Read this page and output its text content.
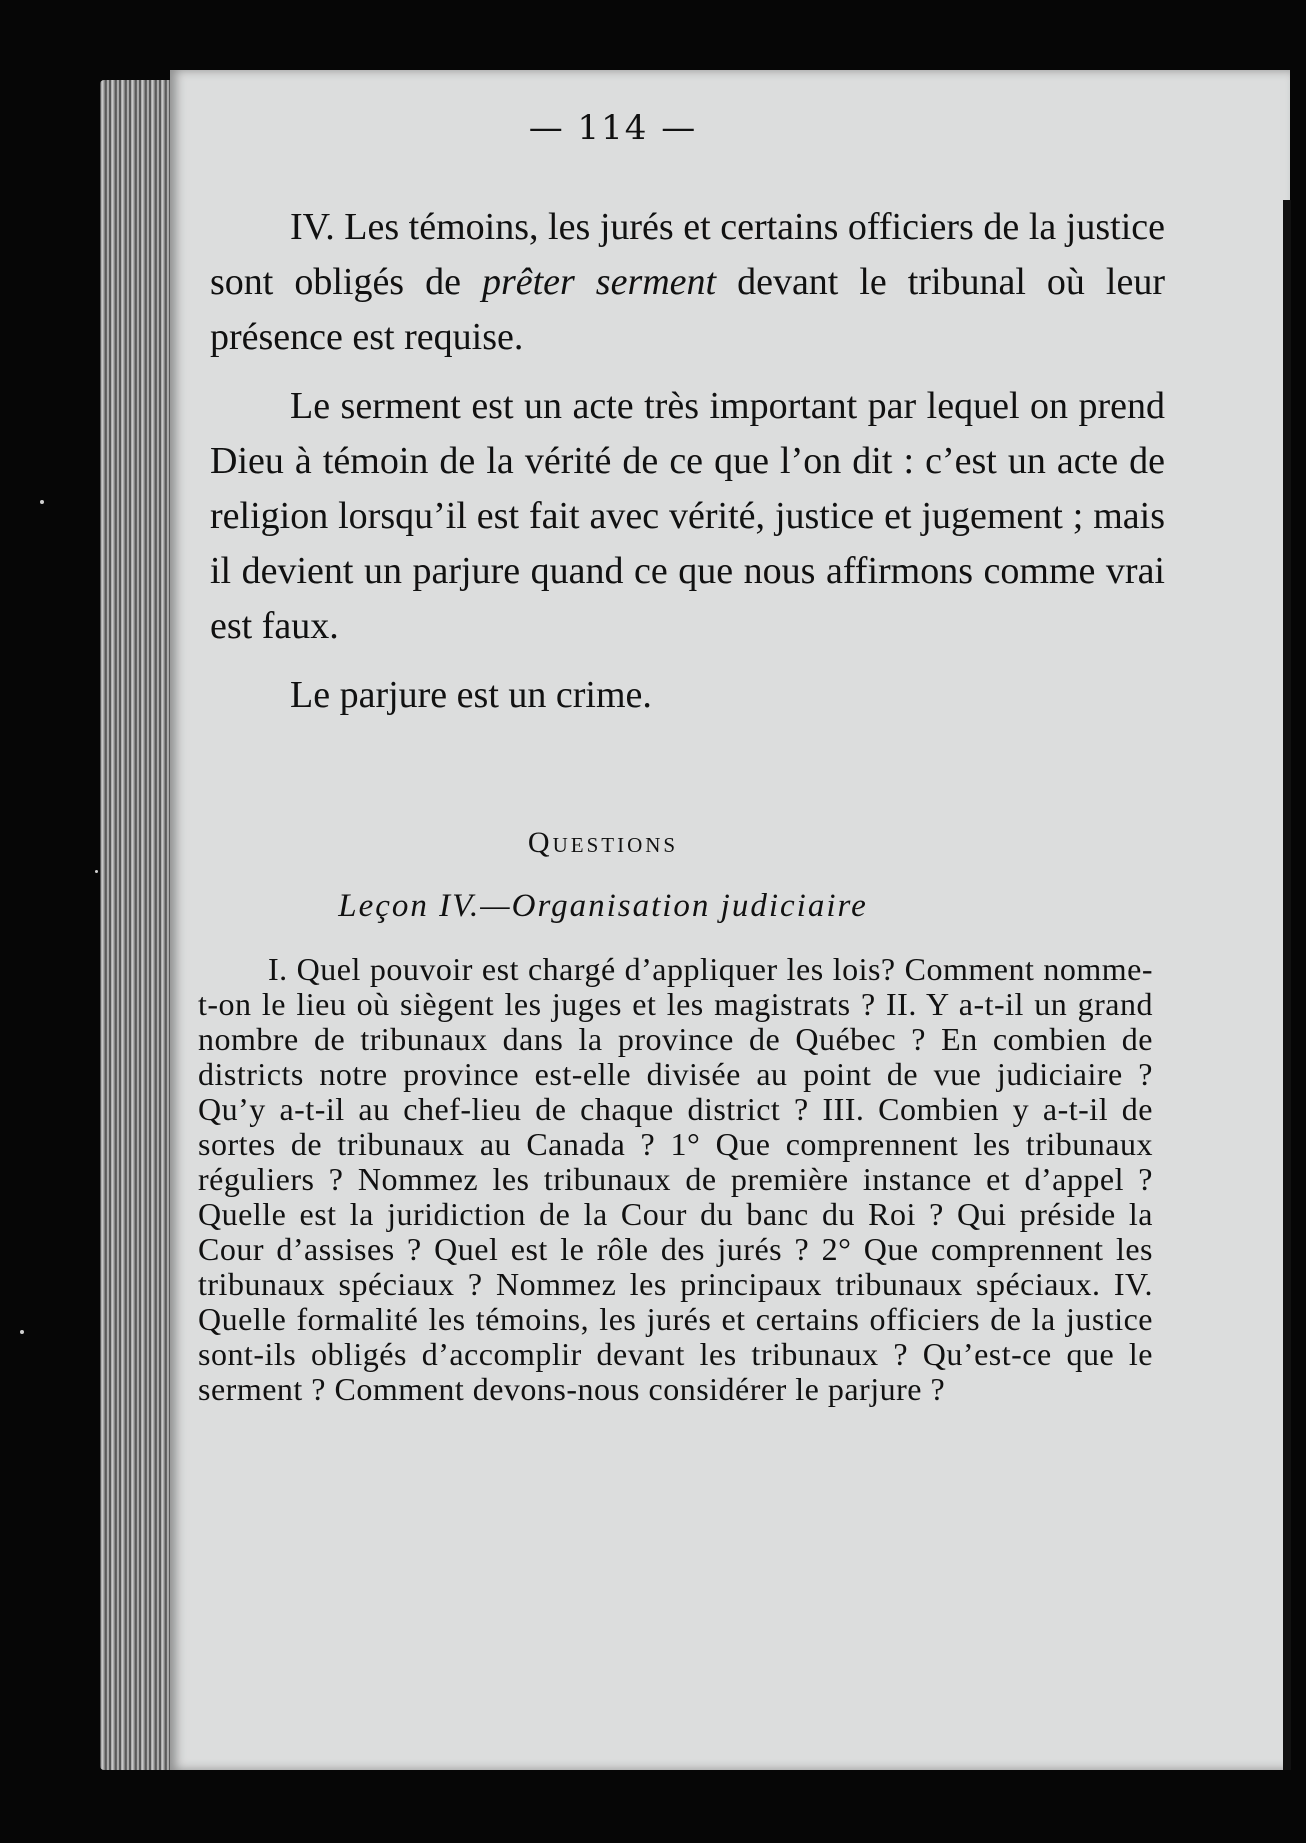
— 114 —

IV. Les témoins, les jurés et certains officiers de la justice sont obligés de prêter serment devant le tribunal où leur présence est requise.

Le serment est un acte très important par lequel on prend Dieu à témoin de la vérité de ce que l’on dit : c’est un acte de religion lorsqu’il est fait avec vérité, justice et jugement ; mais il devient un parjure quand ce que nous affirmons comme vrai est faux.

Le parjure est un crime.

Questions
Leçon IV.—Organisation judiciaire
I. Quel pouvoir est chargé d’appliquer les lois? Comment nomme-t-on le lieu où siègent les juges et les magistrats ? II. Y a-t-il un grand nombre de tribunaux dans la province de Québec ? En combien de districts notre province est-elle divisée au point de vue judiciaire ? Qu’y a-t-il au chef-lieu de chaque district ? III. Combien y a-t-il de sortes de tribunaux au Canada ? 1° Que comprennent les tribunaux réguliers ? Nommez les tribunaux de première instance et d’appel ? Quelle est la juridiction de la Cour du banc du Roi ? Qui préside la Cour d’assises ? Quel est le rôle des jurés ? 2° Que comprennent les tribunaux spéciaux ? Nommez les principaux tribunaux spéciaux. IV. Quelle formalité les témoins, les jurés et certains officiers de la justice sont-ils obligés d’accomplir devant les tribunaux ? Qu’est-ce que le serment ? Comment devons-nous considérer le parjure ?
